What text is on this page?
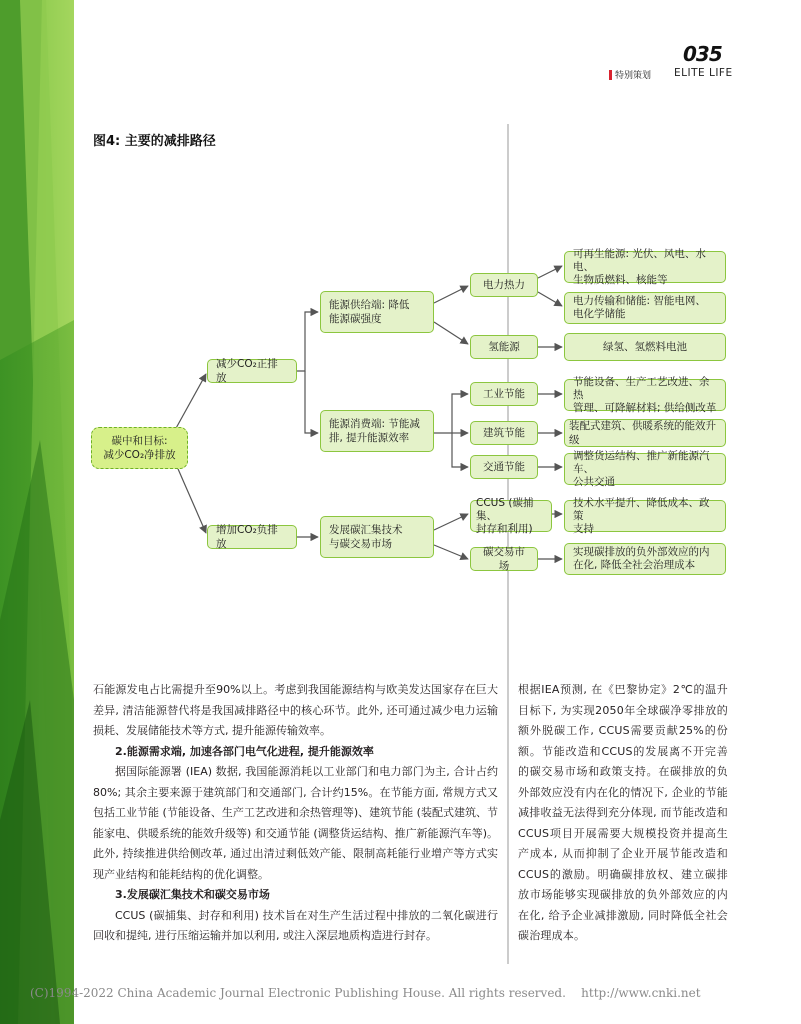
035
特别策划 ELITE LIFE
图4: 主要的减排路径
碳中和目标:
减少CO₂净排放
减少CO₂正排放
增加CO₂负排放
能源供给端: 降低
能源碳强度
能源消费端: 节能减
排, 提升能源效率
发展碳汇集技术
与碳交易市场
电力热力
氢能源
工业节能
建筑节能
交通节能
CCUS (碳捕集、
封存和利用)
碳交易市场
可再生能源: 光伏、风电、水电、
生物质燃料、核能等
电力传输和储能: 智能电网、
电化学储能
绿氢、氢燃料电池
节能设备、生产工艺改进、余热
管理、可降解材料; 供给侧改革
装配式建筑、供暖系统的能效升级
调整货运结构、推广新能源汽车、
公共交通
技术水平提升、降低成本、政策
支持
实现碳排放的负外部效应的内
在化, 降低全社会治理成本

石能源发电占比需提升至90%以上。考虑到我国能源结构与欧美发达国家存在巨大差异, 清洁能源替代将是我国减排路径中的核心环节。此外, 还可通过减少电力运输损耗、发展储能技术等方式, 提升能源传输效率。

2.能源需求端, 加速各部门电气化进程, 提升能源效率

据国际能源署 (IEA) 数据, 我国能源消耗以工业部门和电力部门为主, 合计占约80%; 其余主要来源于建筑部门和交通部门, 合计约15%。在节能方面, 常规方式又包括工业节能 (节能设备、生产工艺改进和余热管理等)、建筑节能 (装配式建筑、节能家电、供暖系统的能效升级等) 和交通节能 (调整货运结构、推广新能源汽车等)。此外, 持续推进供给侧改革, 通过出清过剩低效产能、限制高耗能行业增产等方式实现产业结构和能耗结构的优化调整。

3.发展碳汇集技术和碳交易市场

CCUS (碳捕集、封存和利用) 技术旨在对生产生活过程中排放的二氧化碳进行回收和提纯, 进行压缩运输并加以利用, 或注入深层地质构造进行封存。

根据IEA预测, 在《巴黎协定》2℃的温升目标下, 为实现2050年全球碳净零排放的额外脱碳工作, CCUS需要贡献25%的份额。节能改造和CCUS的发展离不开完善的碳交易市场和政策支持。在碳排放的负外部效应没有内在化的情况下, 企业的节能减排收益无法得到充分体现, 而节能改造和CCUS项目开展需要大规模投资并提高生产成本, 从而抑制了企业开展节能改造和CCUS的激励。明确碳排放权、建立碳排放市场能够实现碳排放的负外部效应的内在化, 给予企业减排激励, 同时降低全社会碳治理成本。

(C)1994-2022 China Academic Journal Electronic Publishing House. All rights reserved.    http://www.cnki.net
